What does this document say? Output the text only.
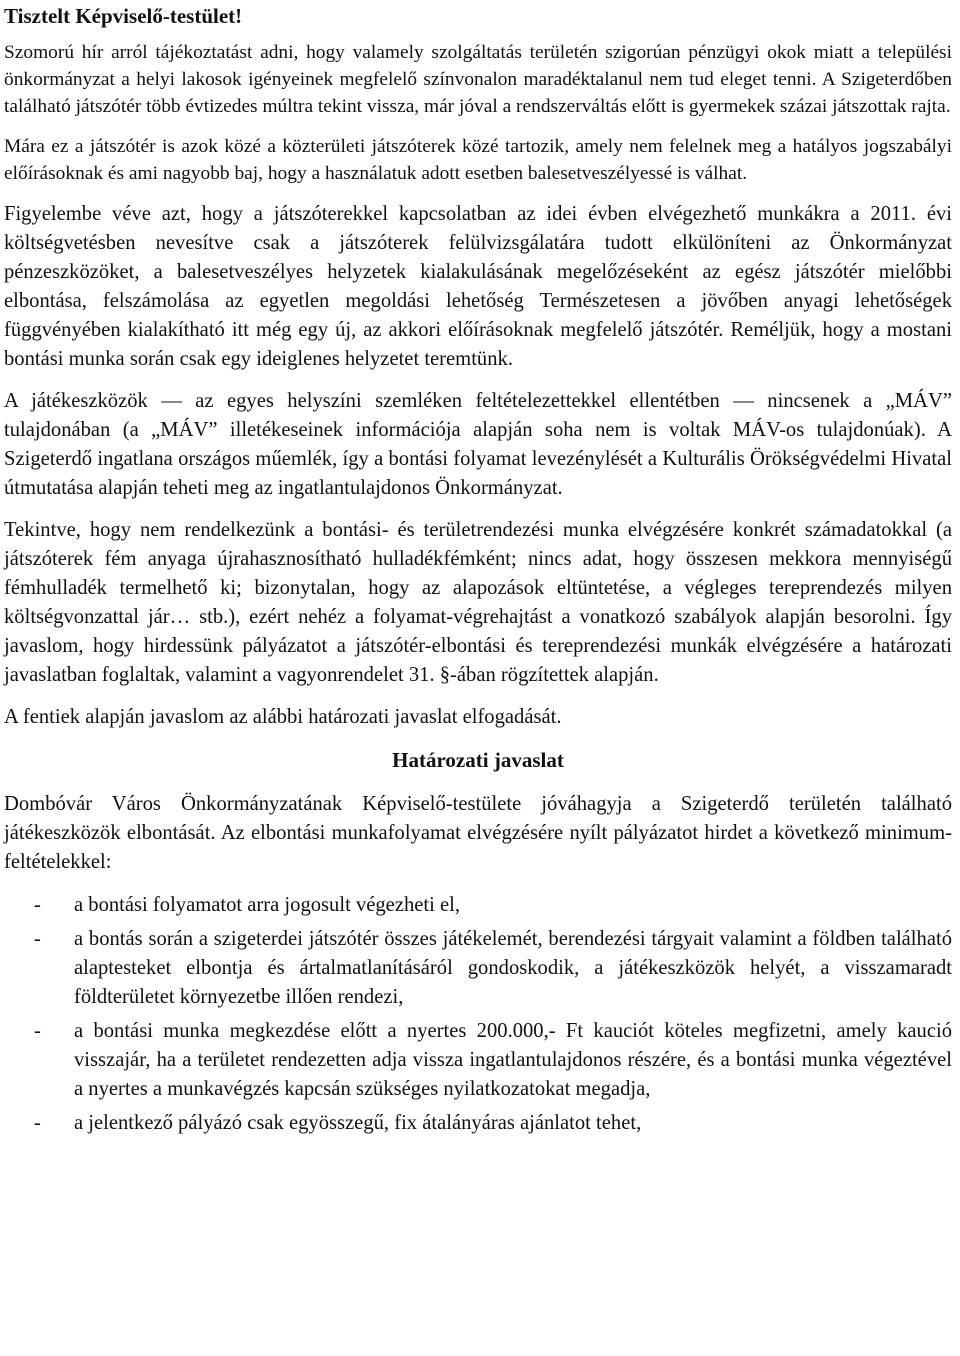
Tisztelt Képviselő-testület!

Szomorú hír arról tájékoztatást adni, hogy valamely szolgáltatás területén szigorúan pénzügyi okok miatt a települési önkormányzat a helyi lakosok igényeinek megfelelő színvonalon maradéktalanul nem tud eleget tenni. A Szigeterdőben található játszótér több évtizedes múltra tekint vissza, már jóval a rendszerváltás előtt is gyermekek százai játszottak rajta.

Mára ez a játszótér is azok közé a közterületi játszóterek közé tartozik, amely nem felelnek meg a hatályos jogszabályi előírásoknak és ami nagyobb baj, hogy a használatuk adott esetben balesetveszélyessé is válhat.

Figyelembe véve azt, hogy a játszóterekkel kapcsolatban az idei évben elvégezhető munkákra a 2011. évi költségvetésben nevesítve csak a játszóterek felülvizsgálatára tudott elkülöníteni az Önkormányzat pénzeszközöket, a balesetveszélyes helyzetek kialakulásának megelőzéseként az egész játszótér mielőbbi elbontása, felszámolása az egyetlen megoldási lehetőség Természetesen a jövőben anyagi lehetőségek függvényében kialakítható itt még egy új, az akkori előírásoknak megfelelő játszótér. Reméljük, hogy a mostani bontási munka során csak egy ideiglenes helyzetet teremtünk.

A játékeszközök — az egyes helyszíni szemléken feltételezettekkel ellentétben — nincsenek a „MÁV” tulajdonában (a „MÁV” illetékeseinek információja alapján soha nem is voltak MÁV-os tulajdonúak). A Szigeterdő ingatlana országos műemlék, így a bontási folyamat levezénylését a Kulturális Örökségvédelmi Hivatal útmutatása alapján teheti meg az ingatlantulajdonos Önkormányzat.

Tekintve, hogy nem rendelkezünk a bontási- és területrendezési munka elvégzésére konkrét számadatokkal (a játszóterek fém anyaga újrahasznosítható hulladékfémként; nincs adat, hogy összesen mekkora mennyiségű fémhulladék termelhető ki; bizonytalan, hogy az alapozások eltüntetése, a végleges tereprendezés milyen költségvonzattal jár… stb.), ezért nehéz a folyamat-végrehajtást a vonatkozó szabályok alapján besorolni. Így javaslom, hogy hirdessünk pályázatot a játszótér-elbontási és tereprendezési munkák elvégzésére a határozati javaslatban foglaltak, valamint a vagyonrendelet 31. §-ában rögzítettek alapján.

A fentiek alapján javaslom az alábbi határozati javaslat elfogadását.

Határozati javaslat

Dombóvár Város Önkormányzatának Képviselő-testülete jóváhagyja a Szigeterdő területén található játékeszközök elbontását. Az elbontási munkafolyamat elvégzésére nyílt pályázatot hirdet a következő minimum-feltételekkel:

- a bontási folyamatot arra jogosult végezheti el,
- a bontás során a szigeterdei játszótér összes játékelemét, berendezési tárgyait valamint a földben található alaptesteket elbontja és ártalmatlanításáról gondoskodik, a játékeszközök helyét, a visszamaradt földterületet környezetbe illően rendezi,
- a bontási munka megkezdése előtt a nyertes 200.000,- Ft kauciót köteles megfizetni, amely kaució visszajár, ha a területet rendezetten adja vissza ingatlantulajdonos részére, és a bontási munka végeztével a nyertes a munkavégzés kapcsán szükséges nyilatkozatokat megadja,
- a jelentkező pályázó csak egyösszegű, fix átalányáras ajánlatot tehet,
